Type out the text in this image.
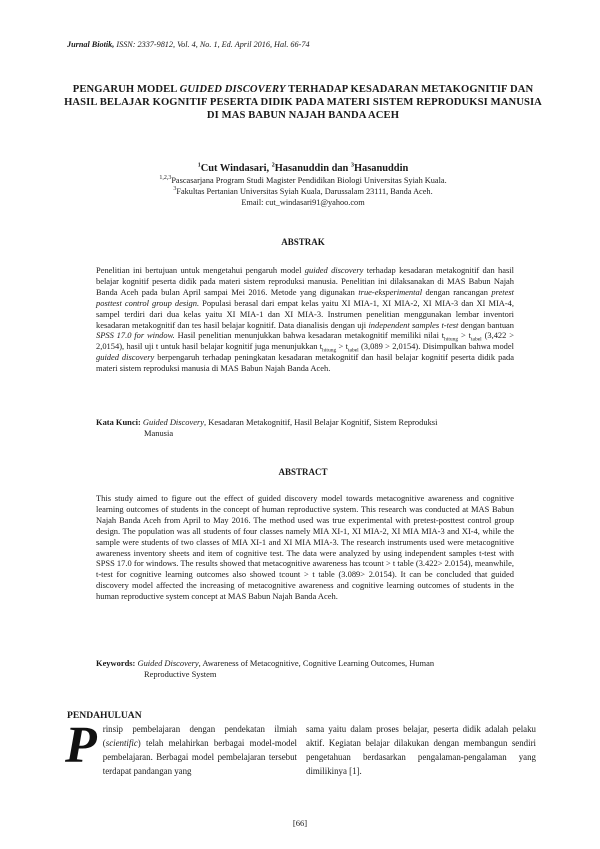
Jurnal Biotik, ISSN: 2337-9812, Vol. 4, No. 1, Ed. April 2016, Hal. 66-74
PENGARUH MODEL GUIDED DISCOVERY TERHADAP KESADARAN METAKOGNITIF DAN HASIL BELAJAR KOGNITIF PESERTA DIDIK PADA MATERI SISTEM REPRODUKSI MANUSIA DI MAS BABUN NAJAH BANDA ACEH
$^1$Cut Windasari, $^2$Hasanuddin dan $^3$Hasanuddin
$^{1,2,3}$Pascasarjana Program Studi Magister Pendidikan Biologi Universitas Syiah Kuala.
$^3$Fakultas Pertanian Universitas Syiah Kuala, Darussalam 23111, Banda Aceh.
Email: cut_windasari91@yahoo.com
ABSTRAK
Penelitian ini bertujuan untuk mengetahui pengaruh model guided discovery terhadap kesadaran metakognitif dan hasil belajar kognitif peserta didik pada materi sistem reproduksi manusia. Penelitian ini dilaksanakan di MAS Babun Najah Banda Aceh pada bulan April sampai Mei 2016. Metode yang digunakan true-eksperimental dengan rancangan pretest posttest control group design. Populasi berasal dari empat kelas yaitu XI MIA-1, XI MIA-2, XI MIA-3 dan XI MIA-4, sampel terdiri dari dua kelas yaitu XI MIA-1 dan XI MIA-3. Instrumen penelitian menggunakan lembar inventori kesadaran metakognitif dan tes hasil belajar kognitif. Data dianalisis dengan uji independent samples t-test dengan bantuan SPSS 17.0 for window. Hasil penelitian menunjukkan bahwa kesadaran metakognitif memiliki nilai $t_{hitung} > t_{tabel}$ (3,422 > 2,0154), hasil uji t untuk hasil belajar kognitif juga menunjukkan $t_{hitung} > t_{tabel}$ (3,089 > 2,0154). Disimpulkan bahwa model guided discovery berpengaruh terhadap peningkatan kesadaran metakognitif dan hasil belajar kognitif peserta didik pada materi sistem reproduksi manusia di MAS Babun Najah Banda Aceh.
Kata Kunci: Guided Discovery, Kesadaran Metakognitif, Hasil Belajar Kognitif, Sistem Reproduksi
Manusia
ABSTRACT
This study aimed to figure out the effect of guided discovery model towards metacognitive awareness and cognitive learning outcomes of students in the concept of human reproductive system. This research was conducted at MAS Babun Najah Banda Aceh from April to May 2016. The method used was true experimental with pretest-posttest control group design. The population was all students of four classes namely MIA XI-1, XI MIA-2, XI MIA MIA-3 and XI-4, while the sample were students of two classes of MIA XI-1 and XI MIA MIA-3. The research instruments used were metacognitive awareness inventory sheets and item of cognitive test. The data were analyzed by using independent samples t-test with SPSS 17.0 for windows. The results showed that metacognitive awareness has tcount > t table (3.422> 2.0154), meanwhile, t-test for cognitive learning outcomes also showed tcount > t table (3.089> 2.0154). It can be concluded that guided discovery model affected the increasing of metacognitive awareness and cognitive learning outcomes of students in the human reproductive system concept at MAS Babun Najah Banda Aceh.
Keywords: Guided Discovery, Awareness of Metacognitive, Cognitive Learning Outcomes, Human
Reproductive System
PENDAHULUAN
Prinsip pembelajaran dengan pendekatan ilmiah (scientific) telah melahirkan berbagai model-model pembelajaran. Berbagai model pembelajaran tersebut terdapat pandangan yang
sama yaitu dalam proses belajar, peserta didik adalah pelaku aktif. Kegiatan belajar dilakukan dengan membangun sendiri pengetahuan berdasarkan pengalaman-pengalaman yang dimilikinya [1].
[66]
